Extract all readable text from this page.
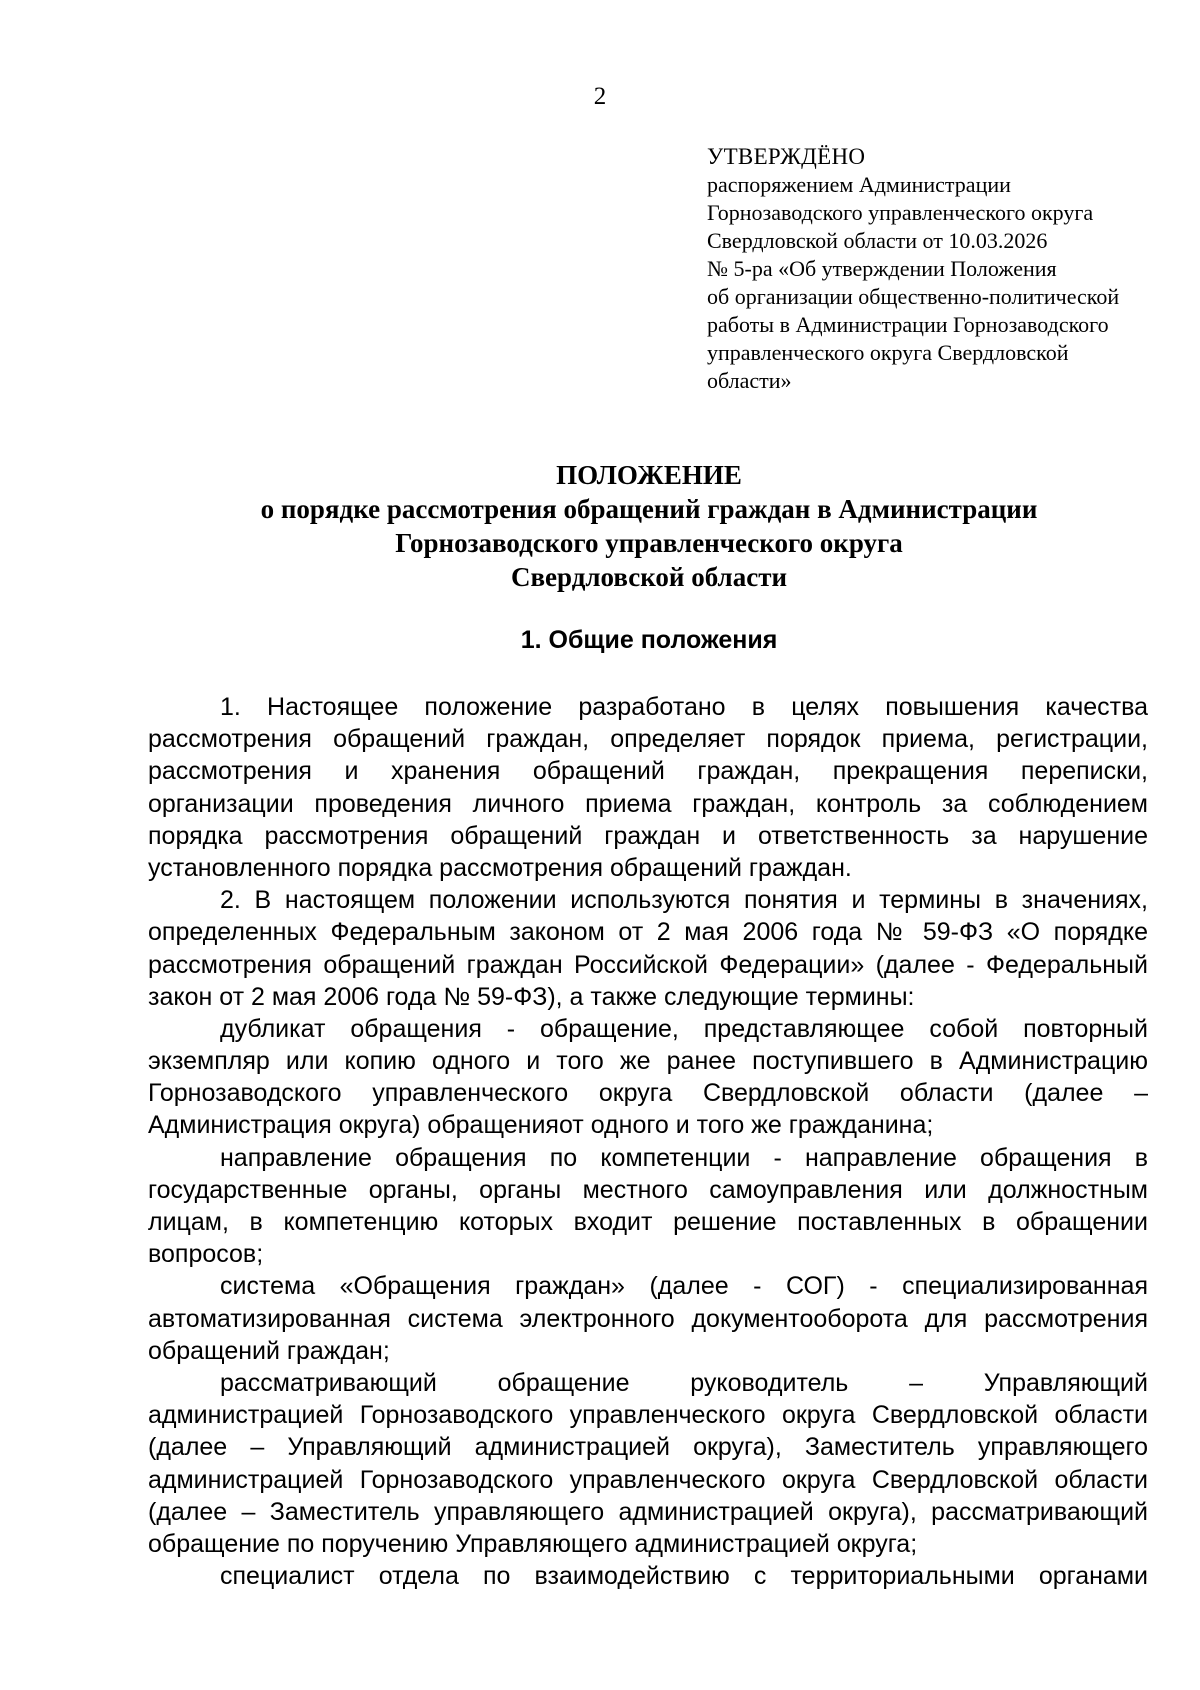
2
УТВЕРЖДЁНО
распоряжением Администрации
Горнозаводского управленческого округа
Свердловской области от 10.03.2026
№ 5-ра «Об утверждении Положения
об организации общественно-политической
работы в Администрации Горнозаводского
управленческого округа Свердловской
области»
ПОЛОЖЕНИЕ
о порядке рассмотрения обращений граждан в Администрации
Горнозаводского управленческого округа
Свердловской области
1. Общие положения
1. Настоящее положение разработано в целях повышения качества
рассмотрения обращений граждан, определяет порядок приема, регистрации,
рассмотрения и хранения обращений граждан, прекращения переписки,
организации проведения личного приема граждан, контроль за соблюдением
порядка рассмотрения обращений граждан и ответственность за нарушение
установленного порядка рассмотрения обращений граждан.
2. В настоящем положении используются понятия и термины в значениях,
определенных Федеральным законом от 2 мая 2006 года № 59-ФЗ «О порядке
рассмотрения обращений граждан Российской Федерации» (далее - Федеральный
закон от 2 мая 2006 года № 59-ФЗ), а также следующие термины:
дубликат обращения - обращение, представляющее собой повторный
экземпляр или копию одного и того же ранее поступившего в Администрацию
Горнозаводского управленческого округа Свердловской области (далее –
Администрация округа) обращенияот одного и того же гражданина;
направление обращения по компетенции - направление обращения в
государственные органы, органы местного самоуправления или должностным
лицам, в компетенцию которых входит решение поставленных в обращении
вопросов;
система «Обращения граждан» (далее - СОГ) - специализированная
автоматизированная система электронного документооборота для рассмотрения
обращений граждан;
рассматривающий обращение руководитель – Управляющий
администрацией Горнозаводского управленческого округа Свердловской области
(далее – Управляющий администрацией округа), Заместитель управляющего
администрацией Горнозаводского управленческого округа Свердловской области
(далее – Заместитель управляющего администрацией округа), рассматривающий
обращение по поручению Управляющего администрацией округа;
специалист отдела по взаимодействию с территориальными органами
